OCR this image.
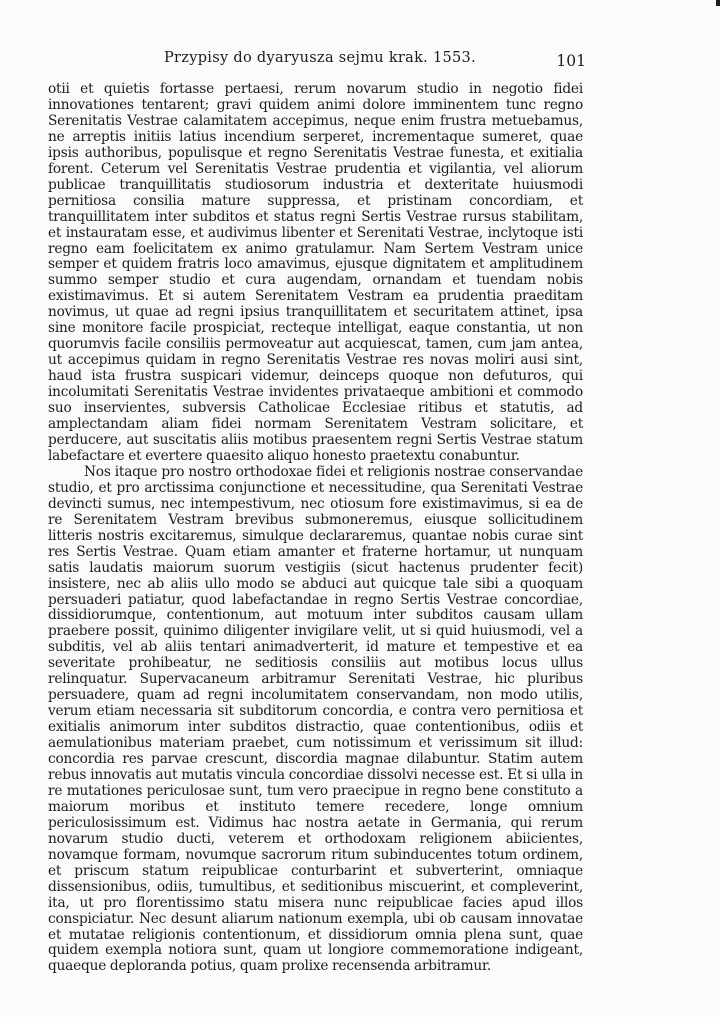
Przypisy do dyaryusza sejmu krak. 1553.	101

otii et quietis fortasse pertaesi, rerum novarum studio in negotio fidei innovationes tentarent; gravi quidem animi dolore imminentem tunc regno Serenitatis Vestrae calamitatem accepimus, neque enim frustra metuebamus, ne arreptis initiis latius incendium serperet, incrementaque sumeret, quae ipsis authoribus, populisque et regno Serenitatis Vestrae funesta, et exitialia forent. Ceterum vel Serenitatis Vestrae prudentia et vigilantia, vel aliorum publicae tranquillitatis studiosorum industria et dexteritate huiusmodi pernitiosa consilia mature suppressa, et pristinam concordiam, et tranquillitatem inter subditos et status regni Sertis Vestrae rursus stabilitam, et instauratam esse, et audivimus libenter et Serenitati Vestrae, inclytoque isti regno eam foelicitatem ex animo gratulamur. Nam Sertem Vestram unice semper et quidem fratris loco amavimus, ejusque dignitatem et amplitudinem summo semper studio et cura augendam, ornandam et tuendam nobis existimavimus. Et si autem Serenitatem Vestram ea prudentia praeditam novimus, ut quae ad regni ipsius tranquillitatem et securitatem attinet, ipsa sine monitore facile prospiciat, recteque intelligat, eaque constantia, ut non quorumvis facile consiliis permoveatur aut acquiescat, tamen, cum jam antea, ut accepimus quidam in regno Serenitatis Vestrae res novas moliri ausi sint, haud ista frustra suspicari videmur, deinceps quoque non defuturos, qui incolumitati Serenitatis Vestrae invidentes privataeque ambitioni et commodo suo inservientes, subversis Catholicae Ecclesiae ritibus et statutis, ad amplectandam aliam fidei normam Serenitatem Vestram solicitare, et perducere, aut suscitatis aliis motibus praesentem regni Sertis Vestrae statum labefactare et evertere quaesito aliquo honesto praetextu conabuntur.

Nos itaque pro nostro orthodoxae fidei et religionis nostrae conservandae studio, et pro arctissima conjunctione et necessitudine, qua Serenitati Vestrae devincti sumus, nec intempestivum, nec otiosum fore existimavimus, si ea de re Serenitatem Vestram brevibus submoneremus, eiusque sollicitudinem litteris nostris excitaremus, simulque declararemus, quantae nobis curae sint res Sertis Vestrae. Quam etiam amanter et fraterne hortamur, ut nunquam satis laudatis maiorum suorum vestigiis (sicut hactenus prudenter fecit) insistere, nec ab aliis ullo modo se abduci aut quicque tale sibi a quoquam persuaderi patiatur, quod labefactandae in regno Sertis Vestrae concordiae, dissidiorumque, contentionum, aut motuum inter subditos causam ullam praebere possit, quinimo diligenter invigilare velit, ut si quid huiusmodi, vel a subditis, vel ab aliis tentari animadverterit, id mature et tempestive et ea severitate prohibeatur, ne seditiosis consiliis aut motibus locus ullus relinquatur. Supervacaneum arbitramur Serenitati Vestrae, hic pluribus persuadere, quam ad regni incolumitatem conservandam, non modo utilis, verum etiam necessaria sit subditorum concordia, e contra vero pernitiosa et exitialis animorum inter subditos distractio, quae contentionibus, odiis et aemulationibus materiam praebet, cum notissimum et verissimum sit illud: concordia res parvae crescunt, discordia magnae dilabuntur. Statim autem rebus innovatis aut mutatis vincula concordiae dissolvi necesse est. Et si ulla in re mutationes periculosae sunt, tum vero praecipue in regno bene constituto a maiorum moribus et instituto temere recedere, longe omnium periculosissimum est. Vidimus hac nostra aetate in Germania, qui rerum novarum studio ducti, veterem et orthodoxam religionem abiicientes, novamque formam, novumque sacrorum ritum subinducentes totum ordinem, et priscum statum reipublicae conturbarint et subverterint, omniaque dissensionibus, odiis, tumultibus, et seditionibus miscuerint, et compleverint, ita, ut pro florentissimo statu misera nunc reipublicae facies apud illos conspiciatur. Nec desunt aliarum nationum exempla, ubi ob causam innovatae et mutatae religionis contentionum, et dissidiorum omnia plena sunt, quae quidem exempla notiora sunt, quam ut longiore commemoratione indigeant, quaeque deploranda potius, quam prolixe recensenda arbitramur.
